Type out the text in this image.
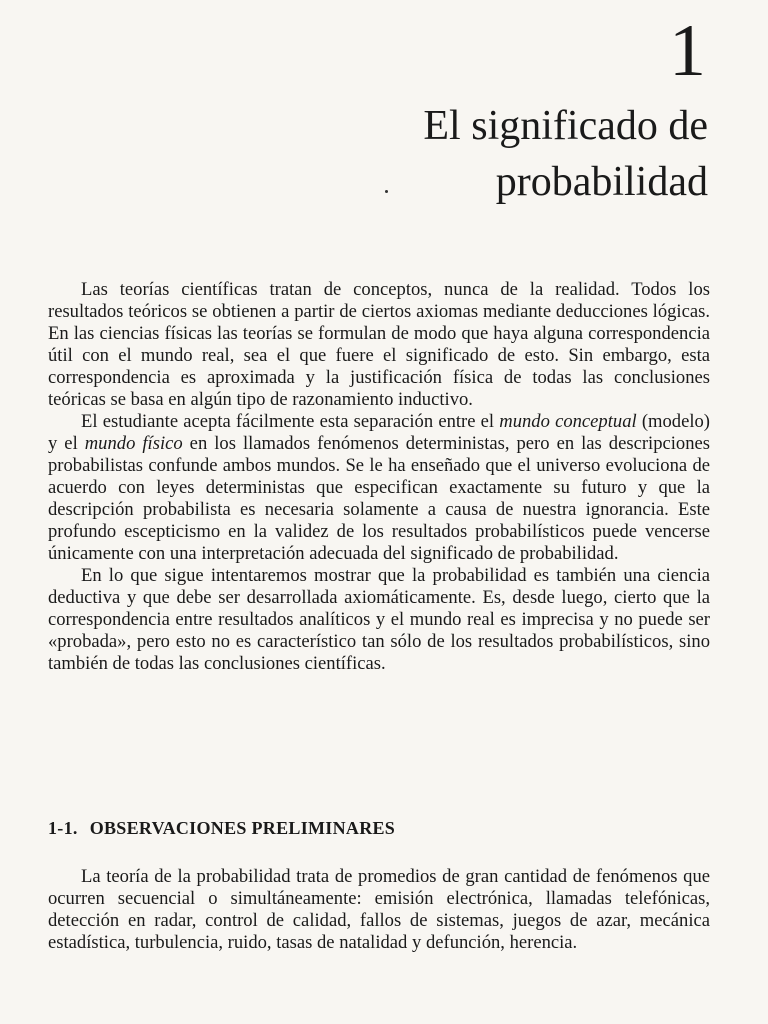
1
El significado de
probabilidad

Las teorías científicas tratan de conceptos, nunca de la realidad. Todos los resultados teóricos se obtienen a partir de ciertos axiomas mediante deducciones lógicas. En las ciencias físicas las teorías se formulan de modo que haya alguna correspondencia útil con el mundo real, sea el que fuere el significado de esto. Sin embargo, esta correspondencia es aproximada y la justificación física de todas las conclusiones teóricas se basa en algún tipo de razonamiento inductivo.

El estudiante acepta fácilmente esta separación entre el mundo conceptual (modelo) y el mundo físico en los llamados fenómenos deterministas, pero en las descripciones probabilistas confunde ambos mundos. Se le ha enseñado que el universo evoluciona de acuerdo con leyes deterministas que especifican exactamente su futuro y que la descripción probabilista es necesaria solamente a causa de nuestra ignorancia. Este profundo escepticismo en la validez de los resultados probabilísticos puede vencerse únicamente con una interpretación adecuada del significado de probabilidad.

En lo que sigue intentaremos mostrar que la probabilidad es también una ciencia deductiva y que debe ser desarrollada axiomáticamente. Es, desde luego, cierto que la correspondencia entre resultados analíticos y el mundo real es imprecisa y no puede ser «probada», pero esto no es característico tan sólo de los resultados probabilísticos, sino también de todas las conclusiones científicas.

1-1. OBSERVACIONES PRELIMINARES

La teoría de la probabilidad trata de promedios de gran cantidad de fenómenos que ocurren secuencial o simultáneamente: emisión electrónica, llamadas telefónicas, detección en radar, control de calidad, fallos de sistemas, juegos de azar, mecánica estadística, turbulencia, ruido, tasas de natalidad y defunción, herencia.
